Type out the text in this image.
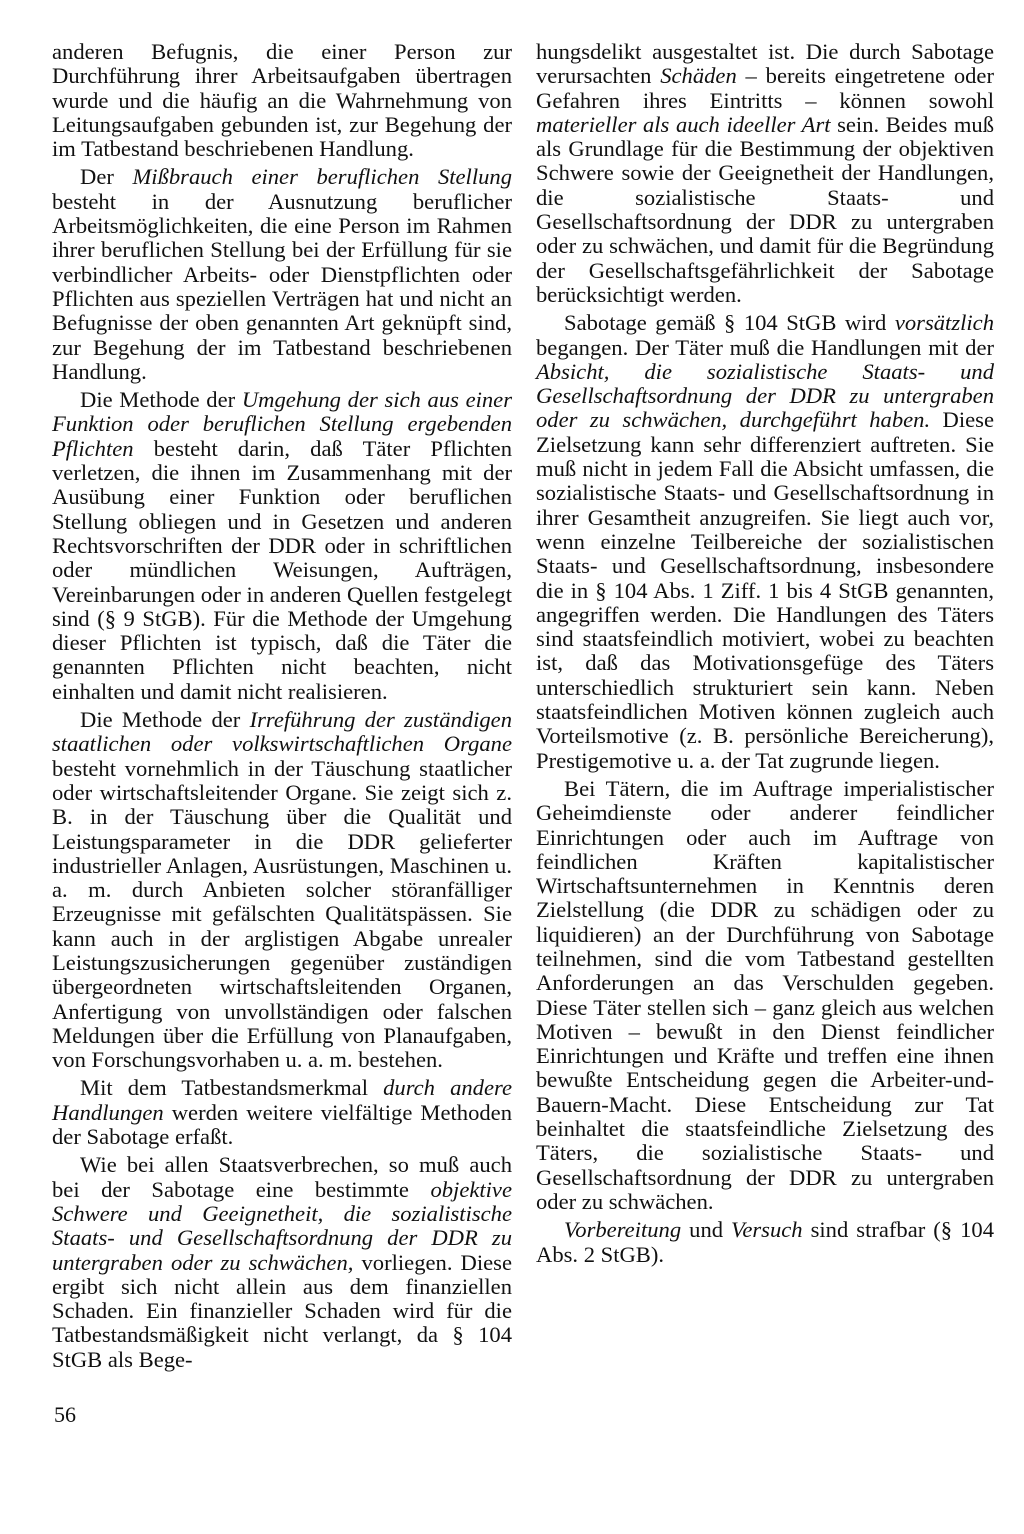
anderen Befugnis, die einer Person zur Durchführung ihrer Arbeitsaufgaben übertragen wurde und die häufig an die Wahrnehmung von Leitungsaufgaben gebunden ist, zur Begehung der im Tatbestand beschriebenen Handlung.

Der Mißbrauch einer beruflichen Stellung besteht in der Ausnutzung beruflicher Arbeitsmöglichkeiten, die eine Person im Rahmen ihrer beruflichen Stellung bei der Erfüllung für sie verbindlicher Arbeits- oder Dienstpflichten oder Pflichten aus speziellen Verträgen hat und nicht an Befugnisse der oben genannten Art geknüpft sind, zur Begehung der im Tatbestand beschriebenen Handlung.

Die Methode der Umgehung der sich aus einer Funktion oder beruflichen Stellung ergebenden Pflichten besteht darin, daß Täter Pflichten verletzen, die ihnen im Zusammenhang mit der Ausübung einer Funktion oder beruflichen Stellung obliegen und in Gesetzen und anderen Rechtsvorschriften der DDR oder in schriftlichen oder mündlichen Weisungen, Aufträgen, Vereinbarungen oder in anderen Quellen festgelegt sind (§ 9 StGB). Für die Methode der Umgehung dieser Pflichten ist typisch, daß die Täter die genannten Pflichten nicht beachten, nicht einhalten und damit nicht realisieren.

Die Methode der Irreführung der zuständigen staatlichen oder volkswirtschaftlichen Organe besteht vornehmlich in der Täuschung staatlicher oder wirtschaftsleitender Organe. Sie zeigt sich z. B. in der Täuschung über die Qualität und Leistungsparameter in die DDR gelieferter industrieller Anlagen, Ausrüstungen, Maschinen u. a. m. durch Anbieten solcher störanfälliger Erzeugnisse mit gefälschten Qualitätspässen. Sie kann auch in der arglistigen Abgabe unrealer Leistungszusicherungen gegenüber zuständigen übergeordneten wirtschaftsleitenden Organen, Anfertigung von unvollständigen oder falschen Meldungen über die Erfüllung von Planaufgaben, von Forschungsvorhaben u. a. m. bestehen.

Mit dem Tatbestandsmerkmal durch andere Handlungen werden weitere vielfältige Methoden der Sabotage erfaßt.

Wie bei allen Staatsverbrechen, so muß auch bei der Sabotage eine bestimmte objektive Schwere und Geeignetheit, die sozialistische Staats- und Gesellschaftsordnung der DDR zu untergraben oder zu schwächen, vorliegen. Diese ergibt sich nicht allein aus dem finanziellen Schaden. Ein finanzieller Schaden wird für die Tatbestandsmäßigkeit nicht verlangt, da § 104 StGB als Bege-

hungsdelikt ausgestaltet ist. Die durch Sabotage verursachten Schäden – bereits eingetretene oder Gefahren ihres Eintritts – können sowohl materieller als auch ideeller Art sein. Beides muß als Grundlage für die Bestimmung der objektiven Schwere sowie der Geeignetheit der Handlungen, die sozialistische Staats- und Gesellschaftsordnung der DDR zu untergraben oder zu schwächen, und damit für die Begründung der Gesellschaftsgefährlichkeit der Sabotage berücksichtigt werden.

Sabotage gemäß § 104 StGB wird vorsätzlich begangen. Der Täter muß die Handlungen mit der Absicht, die sozialistische Staats- und Gesellschaftsordnung der DDR zu untergraben oder zu schwächen, durchgeführt haben. Diese Zielsetzung kann sehr differenziert auftreten. Sie muß nicht in jedem Fall die Absicht umfassen, die sozialistische Staats- und Gesellschaftsordnung in ihrer Gesamtheit anzugreifen. Sie liegt auch vor, wenn einzelne Teilbereiche der sozialistischen Staats- und Gesellschaftsordnung, insbesondere die in § 104 Abs. 1 Ziff. 1 bis 4 StGB genannten, angegriffen werden. Die Handlungen des Täters sind staatsfeindlich motiviert, wobei zu beachten ist, daß das Motivationsgefüge des Täters unterschiedlich strukturiert sein kann. Neben staatsfeindlichen Motiven können zugleich auch Vorteilsmotive (z. B. persönliche Bereicherung), Prestigemotive u. a. der Tat zugrunde liegen.

Bei Tätern, die im Auftrage imperialistischer Geheimdienste oder anderer feindlicher Einrichtungen oder auch im Auftrage von feindlichen Kräften kapitalistischer Wirtschaftsunternehmen in Kenntnis deren Zielstellung (die DDR zu schädigen oder zu liquidieren) an der Durchführung von Sabotage teilnehmen, sind die vom Tatbestand gestellten Anforderungen an das Verschulden gegeben. Diese Täter stellen sich – ganz gleich aus welchen Motiven – bewußt in den Dienst feindlicher Einrichtungen und Kräfte und treffen eine ihnen bewußte Entscheidung gegen die Arbeiter-und-Bauern-Macht. Diese Entscheidung zur Tat beinhaltet die staatsfeindliche Zielsetzung des Täters, die sozialistische Staats- und Gesellschaftsordnung der DDR zu untergraben oder zu schwächen.

Vorbereitung und Versuch sind strafbar (§ 104 Abs. 2 StGB).

56
